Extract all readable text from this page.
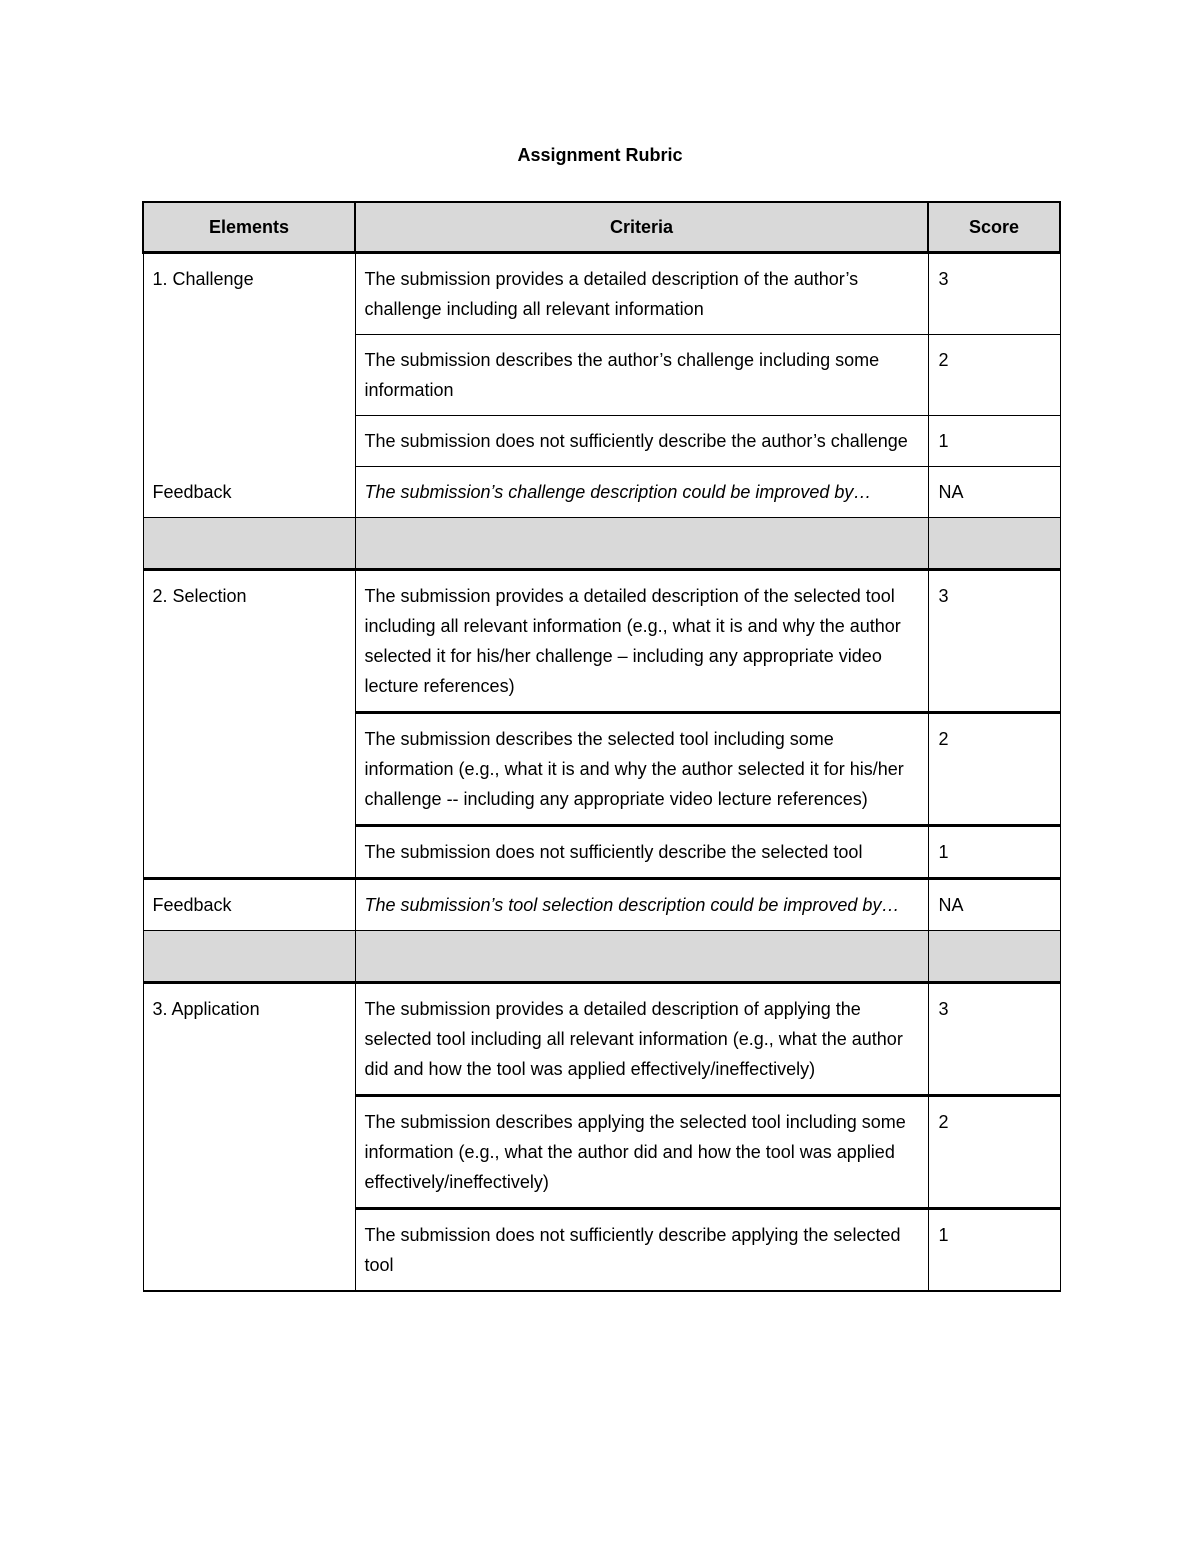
Assignment Rubric
Elements	Criteria	Score
1. Challenge	The submission provides a detailed description of the author’s challenge including all relevant information	3
	The submission describes the author’s challenge including some information	2
	The submission does not sufficiently describe the author’s challenge	1
Feedback	The submission’s challenge description could be improved by…	NA

2. Selection	The submission provides a detailed description of the selected tool including all relevant information (e.g., what it is and why the author selected it for his/her challenge – including any appropriate video lecture references)	3
	The submission describes the selected tool including some information (e.g., what it is and why the author selected it for his/her challenge -- including any appropriate video lecture references)	2
	The submission does not sufficiently describe the selected tool	1
Feedback	The submission’s tool selection description could be improved by…	NA

3. Application	The submission provides a detailed description of applying the selected tool including all relevant information (e.g., what the author did and how the tool was applied effectively/ineffectively)	3
	The submission describes applying the selected tool including some information (e.g., what the author did and how the tool was applied effectively/ineffectively)	2
	The submission does not sufficiently describe applying the selected tool	1
